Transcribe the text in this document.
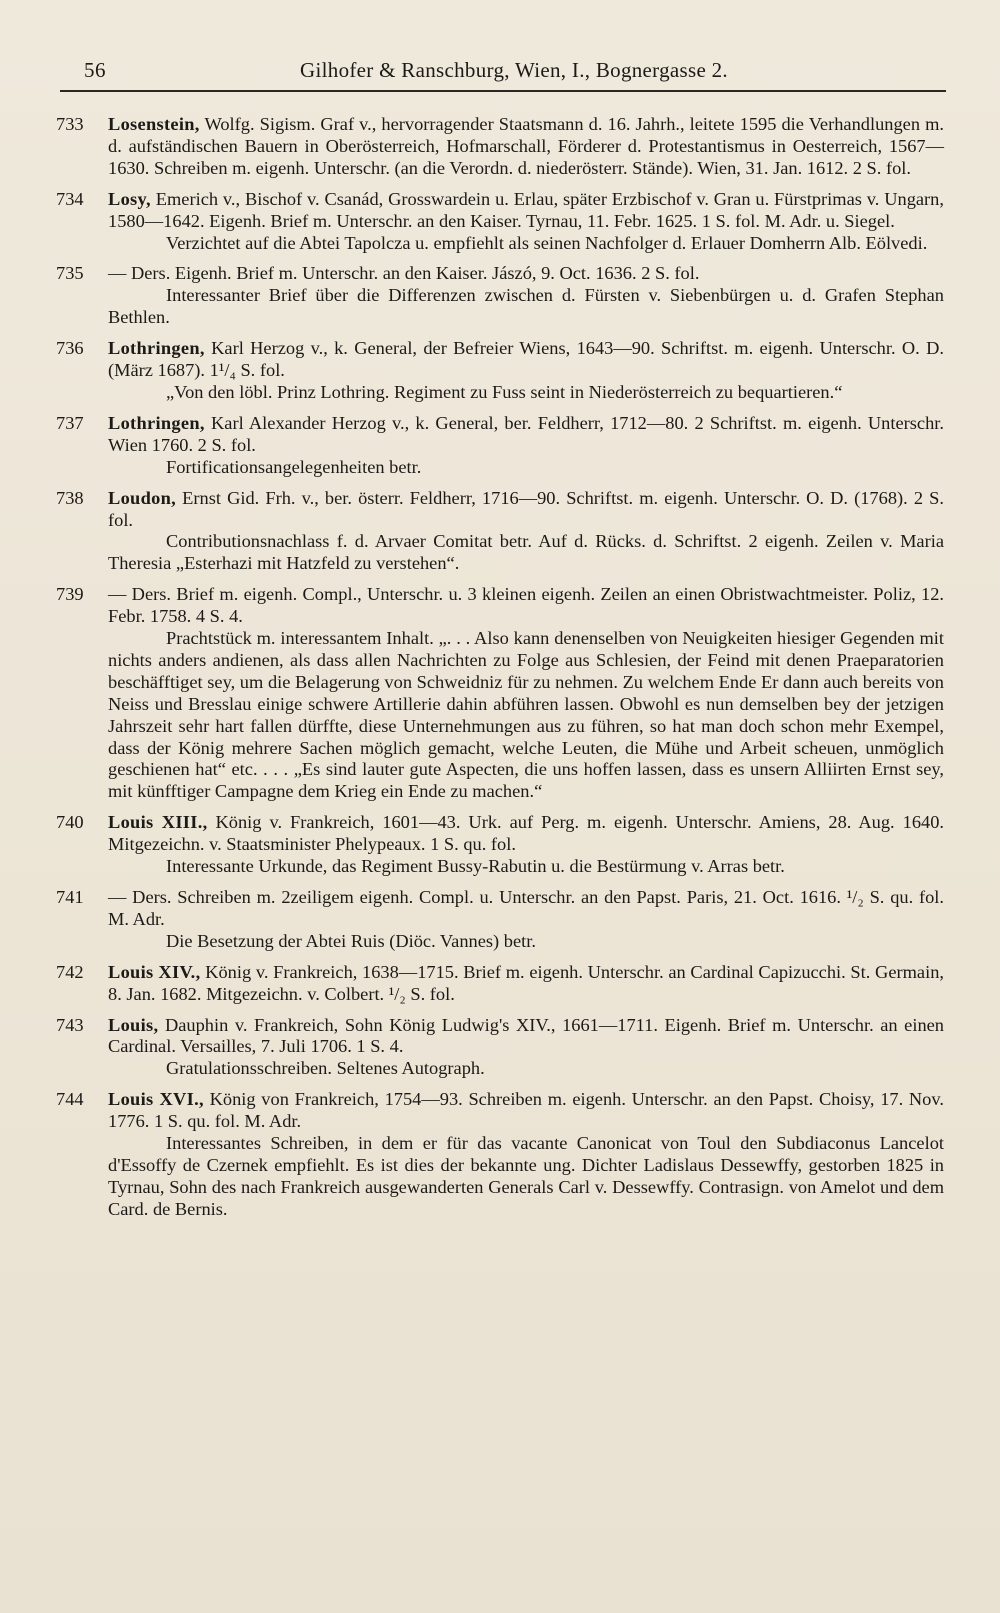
56	Gilhofer & Ranschburg, Wien, I., Bognergasse 2.
733	Losenstein, Wolfg. Sigism. Graf v., hervorragender Staatsmann d. 16. Jahrh., leitete 1595 die Verhandlungen m. d. aufständischen Bauern in Oberösterreich, Hofmarschall, Förderer d. Protestantismus in Oesterreich, 1567—1630. Schreiben m. eigenh. Unterschr. (an die Verordn. d. niederösterr. Stände). Wien, 31. Jan. 1612. 2 S. fol.
734	Losy, Emerich v., Bischof v. Csanád, Grosswardein u. Erlau, später Erzbischof v. Gran u. Fürstprimas v. Ungarn, 1580—1642. Eigenh. Brief m. Unterschr. an den Kaiser. Tyrnau, 11. Febr. 1625. 1 S. fol. M. Adr. u. Siegel.
Verzichtet auf die Abtei Tapolcza u. empfiehlt als seinen Nachfolger d. Erlauer Domherrn Alb. Eölvedi.
735	— Ders. Eigenh. Brief m. Unterschr. an den Kaiser. Jászó, 9. Oct. 1636. 2 S. fol.
Interessanter Brief über die Differenzen zwischen d. Fürsten v. Siebenbürgen u. d. Grafen Stephan Bethlen.
736	Lothringen, Karl Herzog v., k. General, der Befreier Wiens, 1643—90. Schriftst. m. eigenh. Unterschr. O. D. (März 1687). 1¹/₄ S. fol.
„Von den löbl. Prinz Lothring. Regiment zu Fuss seint in Niederösterreich zu bequartieren.“
737	Lothringen, Karl Alexander Herzog v., k. General, ber. Feldherr, 1712—80. 2 Schriftst. m. eigenh. Unterschr. Wien 1760. 2 S. fol.
Fortificationsangelegenheiten betr.
738	Loudon, Ernst Gid. Frh. v., ber. österr. Feldherr, 1716—90. Schriftst. m. eigenh. Unterschr. O. D. (1768). 2 S. fol.
Contributionsnachlass f. d. Arvaer Comitat betr. Auf d. Rücks. d. Schriftst. 2 eigenh. Zeilen v. Maria Theresia „Esterhazi mit Hatzfeld zu verstehen“.
739	— Ders. Brief m. eigenh. Compl., Unterschr. u. 3 kleinen eigenh. Zeilen an einen Obristwachtmeister. Poliz, 12. Febr. 1758. 4 S. 4.
Prachtstück m. interessantem Inhalt. „. . . Also kann denenselben von Neuigkeiten hiesiger Gegenden mit nichts anders andienen, als dass allen Nachrichten zu Folge aus Schlesien, der Feind mit denen Praeparatorien beschäfftiget sey, um die Belagerung von Schweidniz für zu nehmen. Zu welchem Ende Er dann auch bereits von Neiss und Bresslau einige schwere Artillerie dahin abführen lassen. Obwohl es nun demselben bey der jetzigen Jahrszeit sehr hart fallen dürffte, diese Unternehmungen aus zu führen, so hat man doch schon mehr Exempel, dass der König mehrere Sachen möglich gemacht, welche Leuten, die Mühe und Arbeit scheuen, unmöglich geschienen hat“ etc. . . . „Es sind lauter gute Aspecten, die uns hoffen lassen, dass es unsern Alliirten Ernst sey, mit künfftiger Campagne dem Krieg ein Ende zu machen.“
740	Louis XIII., König v. Frankreich, 1601—43. Urk. auf Perg. m. eigenh. Unterschr. Amiens, 28. Aug. 1640. Mitgezeichn. v. Staatsminister Phelypeaux. 1 S. qu. fol.
Interessante Urkunde, das Regiment Bussy-Rabutin u. die Bestürmung v. Arras betr.
741	— Ders. Schreiben m. 2zeiligem eigenh. Compl. u. Unterschr. an den Papst. Paris, 21. Oct. 1616. ¹/₂ S. qu. fol. M. Adr.
Die Besetzung der Abtei Ruis (Diöc. Vannes) betr.
742	Louis XIV., König v. Frankreich, 1638—1715. Brief m. eigenh. Unterschr. an Cardinal Capizucchi. St. Germain, 8. Jan. 1682. Mitgezeichn. v. Colbert. ¹/₂ S. fol.
743	Louis, Dauphin v. Frankreich, Sohn König Ludwig's XIV., 1661—1711. Eigenh. Brief m. Unterschr. an einen Cardinal. Versailles, 7. Juli 1706. 1 S. 4.
Gratulationsschreiben. Seltenes Autograph.
744	Louis XVI., König von Frankreich, 1754—93. Schreiben m. eigenh. Unterschr. an den Papst. Choisy, 17. Nov. 1776. 1 S. qu. fol. M. Adr.
Interessantes Schreiben, in dem er für das vacante Canonicat von Toul den Subdiaconus Lancelot d'Essoffy de Czernek empfiehlt. Es ist dies der bekannte ung. Dichter Ladislaus Dessewffy, gestorben 1825 in Tyrnau, Sohn des nach Frankreich ausgewanderten Generals Carl v. Dessewffy. Contrasign. von Amelot und dem Card. de Bernis.
